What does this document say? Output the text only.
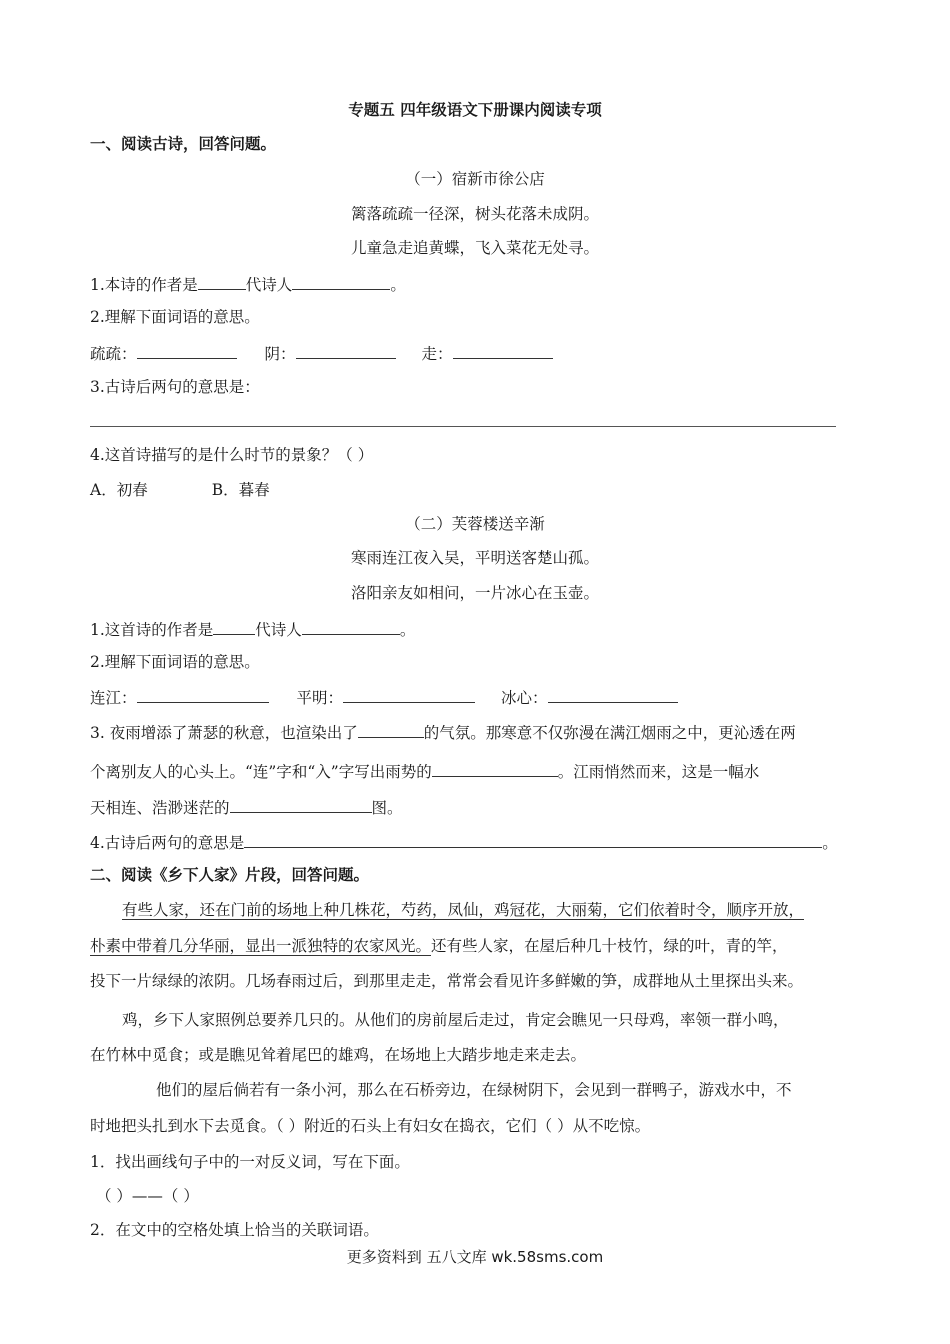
专题五 四年级语文下册课内阅读专项
一、阅读古诗，回答问题。
（一）宿新市徐公店
篱落疏疏一径深，树头花落未成阴。
儿童急走追黄蝶，飞入菜花无处寻。
1.本诗的作者是	代诗人	。
2.理解下面词语的意思。
疏疏：	阴：	走：
3.古诗后两句的意思是：
4.这首诗描写的是什么时节的景象？（ ）
A．初春	B．暮春
（二）芙蓉楼送辛渐
寒雨连江夜入吴，平明送客楚山孤。
洛阳亲友如相问，一片冰心在玉壶。
1.这首诗的作者是	代诗人	。
2.理解下面词语的意思。
连江：	平明：	冰心：
3. 夜雨增添了萧瑟的秋意，也渲染出了	的气氛。那寒意不仅弥漫在满江烟雨之中，更沁透在两
个离别友人的心头上。“连”字和“入”字写出雨势的	。江雨悄然而来，这是一幅水
天相连、浩渺迷茫的	图。
4.古诗后两句的意思是	。
二、阅读《乡下人家》片段，回答问题。
有些人家，还在门前的场地上种几株花，芍药，凤仙，鸡冠花，大丽菊，它们依着时令，顺序开放，
朴素中带着几分华丽，显出一派独特的农家风光。还有些人家，在屋后种几十枝竹，绿的叶，青的竿，
投下一片绿绿的浓阴。几场春雨过后，到那里走走，常常会看见许多鲜嫩的笋，成群地从土里探出头来。
鸡，乡下人家照例总要养几只的。从他们的房前屋后走过，肯定会瞧见一只母鸡，率领一群小鸣，
在竹林中觅食；或是瞧见耸着尾巴的雄鸡，在场地上大踏步地走来走去。
他们的屋后倘若有一条小河，那么在石桥旁边，在绿树阴下，会见到一群鸭子，游戏水中，不
时地把头扎到水下去觅食。（ ）附近的石头上有妇女在捣衣，它们（ ）从不吃惊。
1．找出画线句子中的一对反义词，写在下面。
（ ）——（ ）
2．在文中的空格处填上恰当的关联词语。
更多资料到 五八文库 wk.58sms.com
